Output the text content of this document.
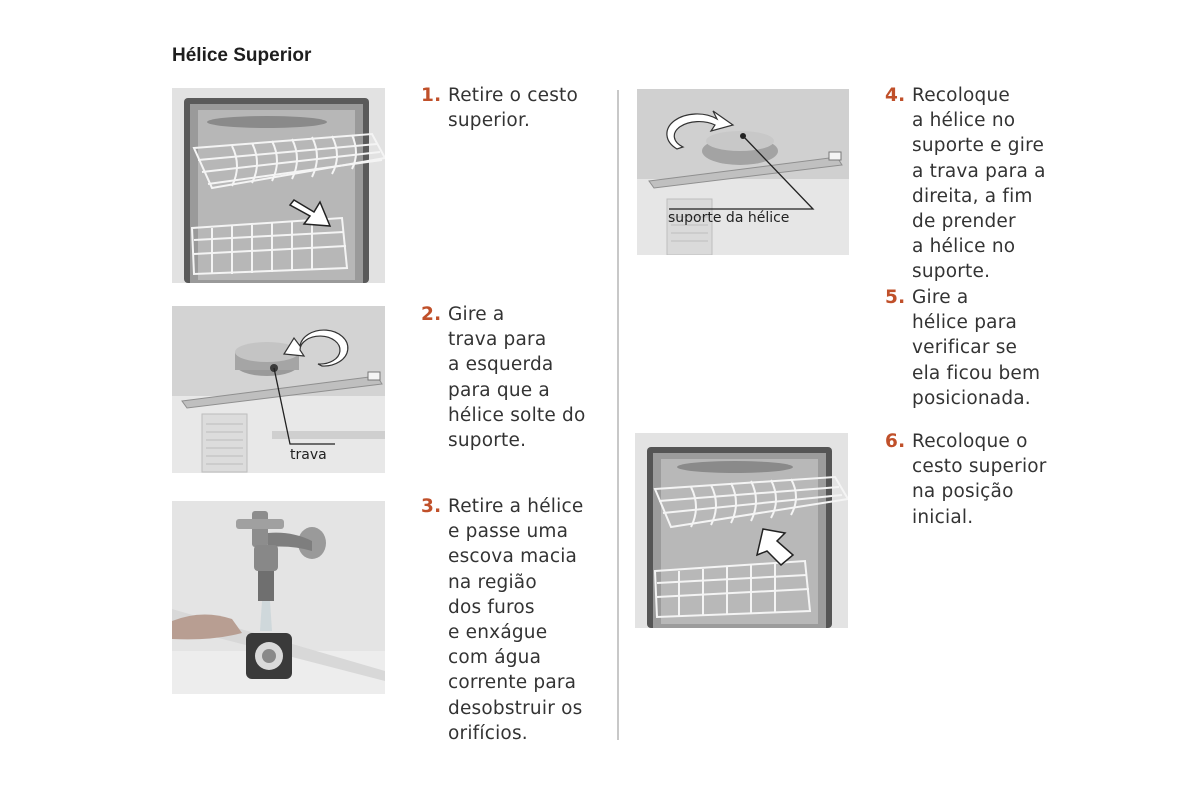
Hélice Superior
trava
suporte da hélice
1. Retire o cesto
superior.
2. Gire a
trava para
a esquerda
para que a
hélice solte do
suporte.
3. Retire a hélice
e passe uma
escova macia
na região
dos furos
e enxágue
com água
corrente para
desobstruir os
orifícios.
4. Recoloque
a hélice no
suporte e gire
a trava para a
direita, a fim
de prender
a hélice no
suporte.
5. Gire a
hélice para
verificar se
ela ficou bem
posicionada.
6. Recoloque o
cesto superior
na posição
inicial.
